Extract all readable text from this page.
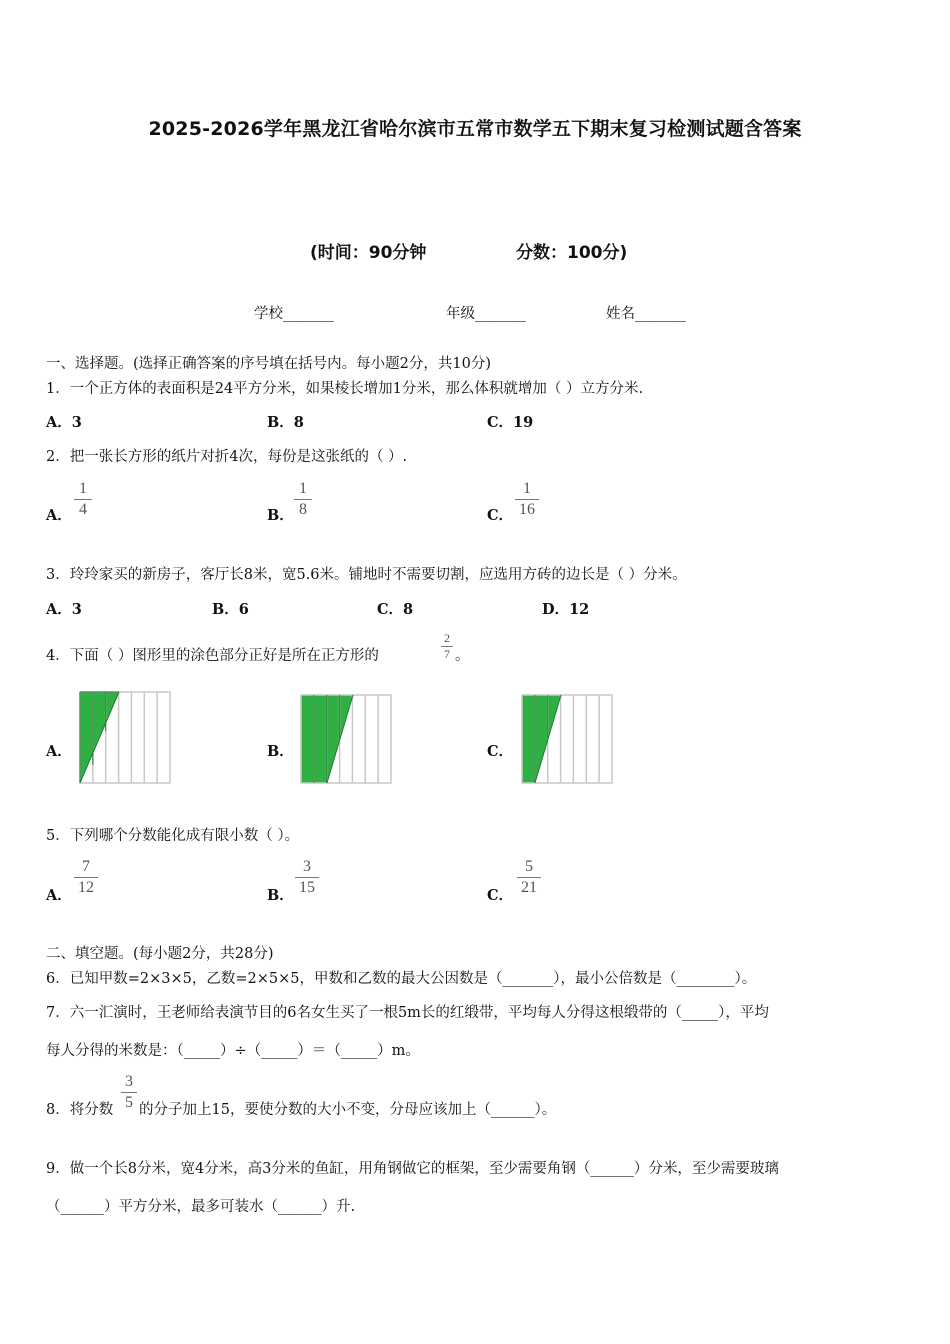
2025-2026学年黑龙江省哈尔滨市五常市数学五下期末复习检测试题含答案
(时间：90分钟	分数：100分)
学校_______	年级_______	姓名_______
一、选择题。(选择正确答案的序号填在括号内。每小题2分，共10分)
1．一个正方体的表面积是24平方分米，如果棱长增加1分米，那么体积就增加（ ）立方分米.
A．3	B．8	C．19
2．把一张长方形的纸片对折4次，每份是这张纸的（ ）.
A．
1
4	B．
1
8	C．
1
16
3．玲玲家买的新房子，客厅长8米，宽5.6米。铺地时不需要切割，应选用方砖的边长是（ ）分米。
A．3	B．6	C．8	D．12
4．下面（ ）图形里的涂色部分正好是所在正方形的
2
7 。
A．	B．	C．
5．下列哪个分数能化成有限小数（ ）。
A．
7
12	B．
3
15	C．
5
21
二、填空题。(每小题2分，共28分)
6．已知甲数=2×3×5，乙数=2×5×5，甲数和乙数的最大公因数是（_______），最小公倍数是（________）。
7．六一汇演时，王老师给表演节目的6名女生买了一根5m长的红缎带，平均每人分得这根缎带的（_____），平均
每人分得的米数是：（_____）÷（_____）＝（_____）m。
8．将分数
3
5 的分子加上15，要使分数的大小不变，分母应该加上（______）。
9．做一个长8分米，宽4分米，高3分米的鱼缸，用角钢做它的框架，至少需要角钢（______）分米，至少需要玻璃
（______）平方分米，最多可装水（______）升.
